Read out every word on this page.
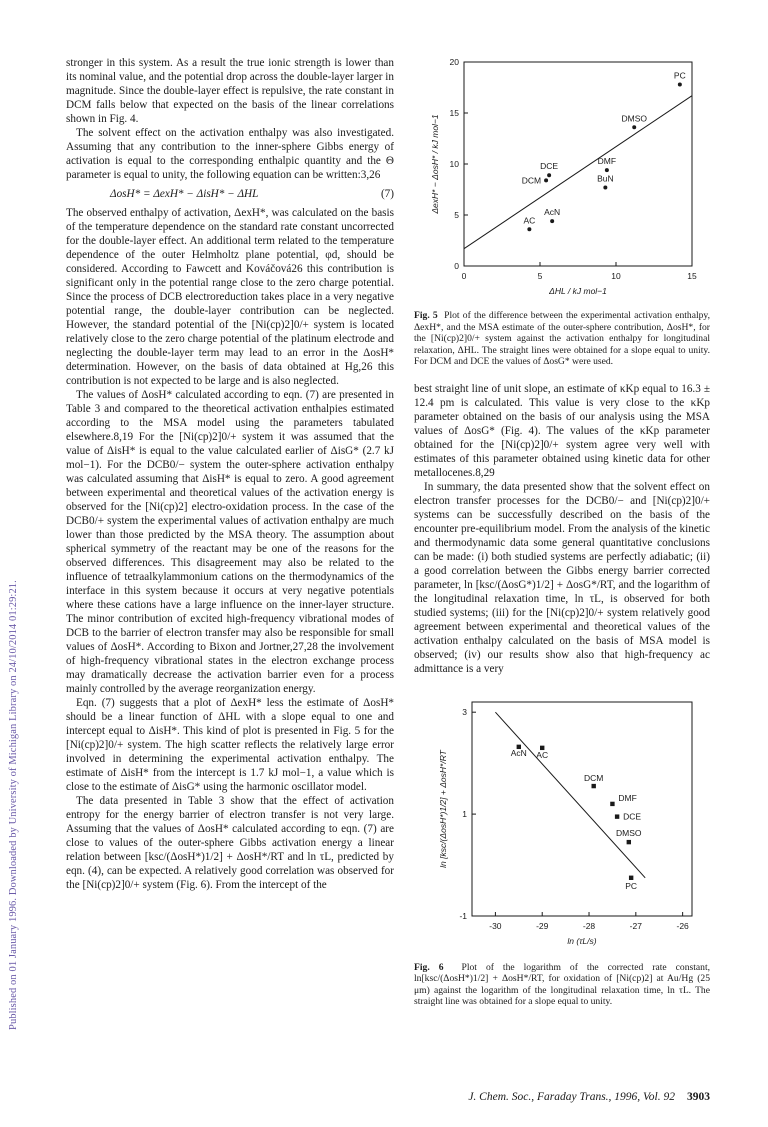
Published on 01 January 1996. Downloaded by University of Michigan Library on 24/10/2014 01:29:21.

stronger in this system. As a result the true ionic strength is lower than its nominal value, and the potential drop across the double-layer larger in magnitude. Since the double-layer effect is repulsive, the rate constant in DCM falls below that expected on the basis of the linear correlations shown in Fig. 4.

The solvent effect on the activation enthalpy was also investigated. Assuming that any contribution to the inner-sphere Gibbs energy of activation is equal to the corresponding enthalpic quantity and the Θ parameter is equal to unity, the following equation can be written:3,26

ΔosH* = ΔexH* − ΔisH* − ΔHL	(7)

The observed enthalpy of activation, ΔexH*, was calculated on the basis of the temperature dependence on the standard rate constant uncorrected for the double-layer effect. An additional term related to the temperature dependence of the outer Helmholtz plane potential, φd, should be considered. According to Fawcett and Kováčová26 this contribution is significant only in the potential range close to the zero charge potential. Since the process of DCB electroreduction takes place in a very negative potential range, the double-layer contribution can be neglected. However, the standard potential of the [Ni(cp)2]0/+ system is located relatively close to the zero charge potential of the platinum electrode and neglecting the double-layer term may lead to an error in the ΔosH* determination. However, on the basis of data obtained at Hg,26 this contribution is not expected to be large and is also neglected.

The values of ΔosH* calculated according to eqn. (7) are presented in Table 3 and compared to the theoretical activation enthalpies estimated according to the MSA model using the parameters tabulated elsewhere.8,19 For the [Ni(cp)2]0/+ system it was assumed that the value of ΔisH* is equal to the value calculated earlier of ΔisG* (2.7 kJ mol−1). For the DCB0/− system the outer-sphere activation enthalpy was calculated assuming that ΔisH* is equal to zero. A good agreement between experimental and theoretical values of the activation energy is observed for the [Ni(cp)2] electro-oxidation process. In the case of the DCB0/+ system the experimental values of activation enthalpy are much lower than those predicted by the MSA theory. The assumption about spherical symmetry of the reactant may be one of the reasons for the observed differences. This disagreement may also be related to the influence of tetraalkylammonium cations on the thermodynamics of the interface in this system because it occurs at very negative potentials where these cations have a large influence on the inner-layer structure. The minor contribution of excited high-frequency vibrational modes of DCB to the barrier of electron transfer may also be responsible for small values of ΔosH*. According to Bixon and Jortner,27,28 the involvement of high-frequency vibrational states in the electron exchange process may dramatically decrease the activation barrier even for a process mainly controlled by the average reorganization energy.

Eqn. (7) suggests that a plot of ΔexH* less the estimate of ΔosH* should be a linear function of ΔHL with a slope equal to one and intercept equal to ΔisH*. This kind of plot is presented in Fig. 5 for the [Ni(cp)2]0/+ system. The high scatter reflects the relatively large error involved in determining the experimental activation enthalpy. The estimate of ΔisH* from the intercept is 1.7 kJ mol−1, a value which is close to the estimate of ΔisG* using the harmonic oscillator model.

The data presented in Table 3 show that the effect of activation entropy for the energy barrier of electron transfer is not very large. Assuming that the values of ΔosH* calculated according to eqn. (7) are close to values of the outer-sphere Gibbs activation energy a linear relation between [ksc/(ΔosH*)1/2] + ΔosH*/RT and ln τL, predicted by eqn. (4), can be expected. A relatively good correlation was observed for the [Ni(cp)2]0/+ system (Fig. 6). From the intercept of the

0	5	10	15
0
5
10
15
20
PC
DMSO
DMF
BuN
DCE
DCM
AcN
AC
ΔHL / kJ mol−1
ΔexH* − ΔosH* / kJ mol−1

Fig. 5 Plot of the difference between the experimental activation enthalpy, ΔexH*, and the MSA estimate of the outer-sphere contribution, ΔosH*, for the [Ni(cp)2]0/+ system against the activation enthalpy for longitudinal relaxation, ΔHL. The straight lines were obtained for a slope equal to unity. For DCM and DCE the values of ΔosG* were used.

best straight line of unit slope, an estimate of κKp equal to 16.3 ± 12.4 pm is calculated. This value is very close to the κKp parameter obtained on the basis of our analysis using the MSA values of ΔosG* (Fig. 4). The values of the κKp parameter obtained for the [Ni(cp)2]0/+ system agree very well with estimates of this parameter obtained using kinetic data for other metallocenes.8,29

In summary, the data presented show that the solvent effect on electron transfer processes for the DCB0/− and [Ni(cp)2]0/+ systems can be successfully described on the basis of the encounter pre-equilibrium model. From the analysis of the kinetic and thermodynamic data some general quantitative conclusions can be made: (i) both studied systems are perfectly adiabatic; (ii) a good correlation between the Gibbs energy barrier corrected parameter, ln [ksc/(ΔosG*)1/2] + ΔosG*/RT, and the logarithm of the longitudinal relaxation time, ln τL, is observed for both studied systems; (iii) for the [Ni(cp)2]0/+ system relatively good agreement between experimental and theoretical values of the activation enthalpy calculated on the basis of MSA model is observed; (iv) our results show also that high-frequency ac admittance is a very

-30	-29	-28	-27	-26
-1
1
3
AcN AC
DCM
DMF
DCE
DMSO
PC
ln (τL/s)
ln [ksc/(ΔosH*)1/2] + ΔosH*/RT

Fig. 6 Plot of the logarithm of the corrected rate constant, ln[ksc/(ΔosH*)1/2] + ΔosH*/RT, for oxidation of [Ni(cp)2] at Au/Hg (25 μm) against the logarithm of the longitudinal relaxation time, ln τL. The straight line was obtained for a slope equal to unity.

J. Chem. Soc., Faraday Trans., 1996, Vol. 92 3903
